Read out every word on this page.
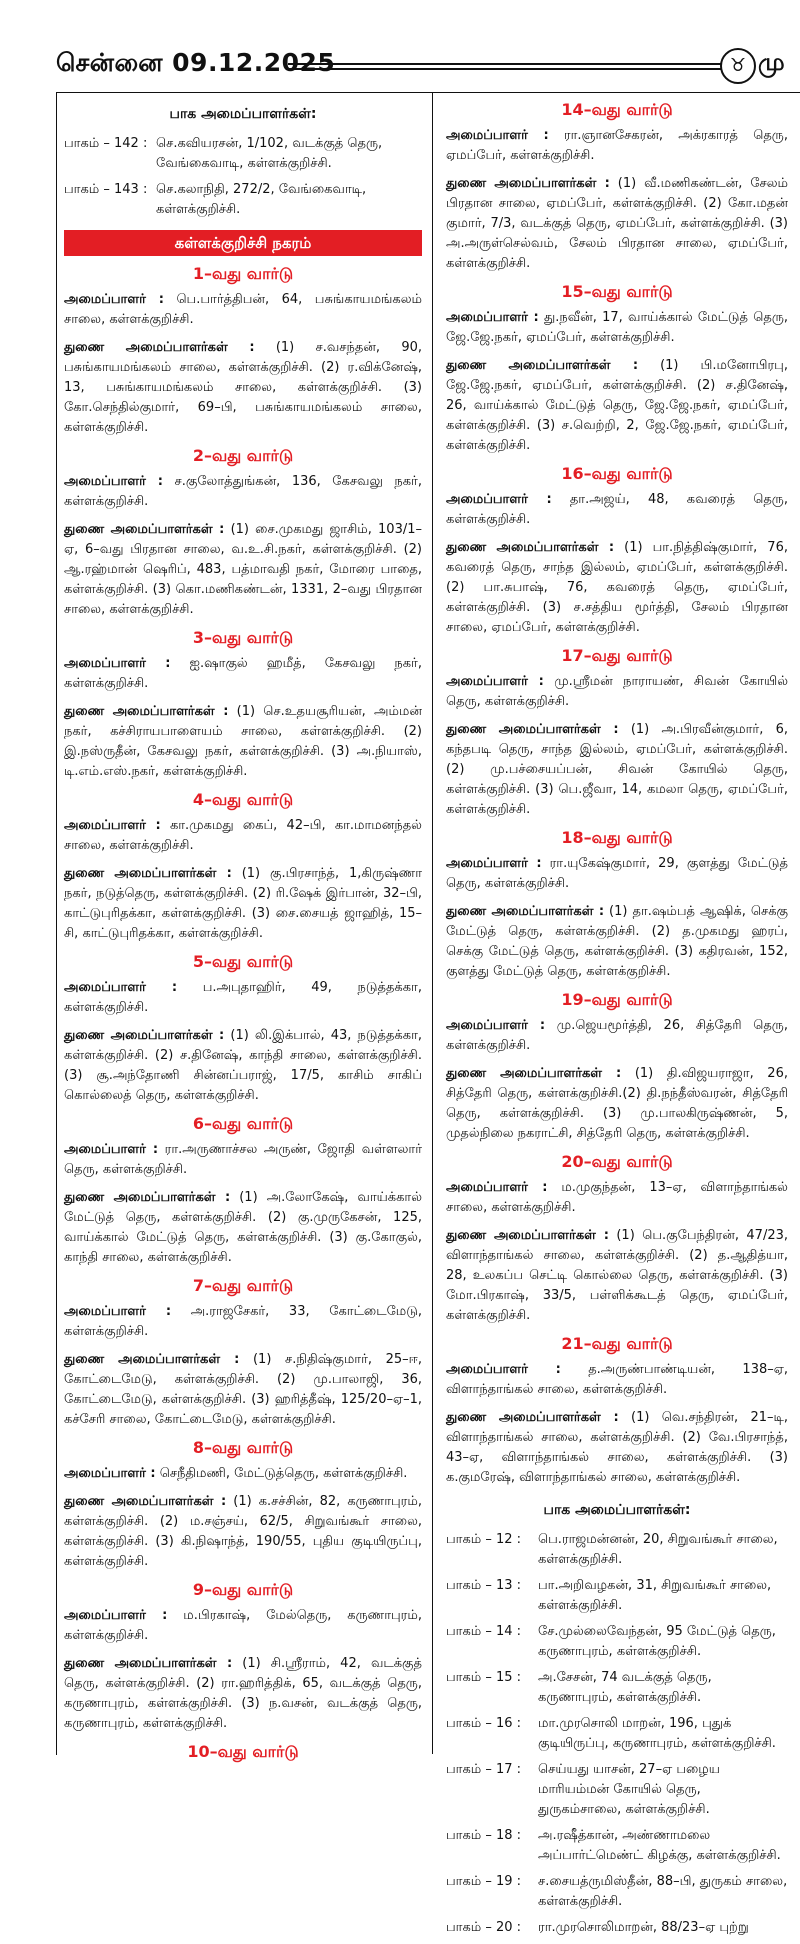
சென்னை 09.12.2025	♉ மு
பாக அமைப்பாளர்கள்:
பாகம் – 142 : செ.கவியரசன், 1/102, வடக்குத் தெரு, வேங்கைவாடி, கள்ளக்குறிச்சி.
பாகம் – 143 : செ.கலாநிதி, 272/2, வேங்கைவாடி, கள்ளக்குறிச்சி.
கள்ளக்குறிச்சி நகரம்
1–வது வார்டு

அமைப்பாளர் : பெ.பார்த்திபன், 64, பசுங்காயமங்கலம் சாலை, கள்ளக்குறிச்சி.

துணை அமைப்பாளர்கள் : (1) ச.வசந்தன், 90, பசுங்காயமங்கலம் சாலை, கள்ளக்குறிச்சி. (2) ர.விக்னேஷ், 13, பசுங்காயமங்கலம் சாலை, கள்ளக்குறிச்சி. (3) கோ.செந்தில்குமார், 69–பி, பசுங்காயமங்கலம் சாலை, கள்ளக்குறிச்சி.

2–வது வார்டு

அமைப்பாளர் : ச.குலோத்துங்கன், 136, கேசவலு நகர், கள்ளக்குறிச்சி.

துணை அமைப்பாளர்கள் : (1) சை.முகமது ஜாசிம், 103/1–ஏ, 6–வது பிரதான சாலை, வ.உ.சி.நகர், கள்ளக்குறிச்சி. (2) ஆ.ரஹ்மான் ஷெரிப், 483, பத்மாவதி நகர், மோரை பாதை, கள்ளக்குறிச்சி. (3) கொ.மணிகண்டன், 1331, 2–வது பிரதான சாலை, கள்ளக்குறிச்சி.

3–வது வார்டு

அமைப்பாளர் : ஐ.ஷாகுல் ஹமீத், கேசவலு நகர், கள்ளக்குறிச்சி.

துணை அமைப்பாளர்கள் : (1) செ.உதயசூரியன், அம்மன் நகர், கச்சிராயபாளையம் சாலை, கள்ளக்குறிச்சி. (2) இ.நஸ்ருதீன், கேசவலு நகர், கள்ளக்குறிச்சி. (3) அ.நியாஸ், டி.எம்.எஸ்.நகர், கள்ளக்குறிச்சி.

4–வது வார்டு

அமைப்பாளர் : கா.முகமது கைப், 42–பி, கா.மாமனந்தல் சாலை, கள்ளக்குறிச்சி.

துணை அமைப்பாளர்கள் : (1) கு.பிரசாந்த், 1,கிருஷ்ணா நகர், நடுத்தெரு, கள்ளக்குறிச்சி. (2) ரி.ஷேக் இர்பான், 32–பி, காட்டுபுரிதக்கா, கள்ளக்குறிச்சி. (3) சை.சையத் ஜாஹித், 15–சி, காட்டுபுரிதக்கா, கள்ளக்குறிச்சி.

5–வது வார்டு

அமைப்பாளர் : ப.அபுதாஹிர், 49, நடுத்தக்கா, கள்ளக்குறிச்சி.

துணை அமைப்பாளர்கள் : (1) லி.இக்பால், 43, நடுத்தக்கா, கள்ளக்குறிச்சி. (2) ச.தினேஷ், காந்தி சாலை, கள்ளக்குறிச்சி. (3) சூ.அந்தோணி சின்னப்பராஜ், 17/5, காசிம் சாகிப் கொல்லைத் தெரு, கள்ளக்குறிச்சி.

6–வது வார்டு

அமைப்பாளர் : ரா.அருணாச்சல அருண், ஜோதி வள்ளலார் தெரு, கள்ளக்குறிச்சி.

துணை அமைப்பாளர்கள் : (1) அ.லோகேஷ், வாய்க்கால் மேட்டுத் தெரு, கள்ளக்குறிச்சி. (2) கு.முருகேசன், 125, வாய்க்கால் மேட்டுத் தெரு, கள்ளக்குறிச்சி. (3) கு.கோகுல், காந்தி சாலை, கள்ளக்குறிச்சி.

7–வது வார்டு

அமைப்பாளர் : அ.ராஜசேகர், 33, கோட்டைமேடு, கள்ளக்குறிச்சி.

துணை அமைப்பாளர்கள் : (1) ச.நிதிஷ்குமார், 25–ஈ, கோட்டைமேடு, கள்ளக்குறிச்சி. (2) மு.பாலாஜி, 36, கோட்டைமேடு, கள்ளக்குறிச்சி. (3) ஹரித்தீஷ், 125/20–ஏ–1, கச்சேரி சாலை, கோட்டைமேடு, கள்ளக்குறிச்சி.

8–வது வார்டு

அமைப்பாளர் : செநீதிமணி, மேட்டுத்தெரு, கள்ளக்குறிச்சி.

துணை அமைப்பாளர்கள் : (1) க.சச்சின், 82, கருணாபுரம், கள்ளக்குறிச்சி. (2) ம.சஞ்சய், 62/5, சிறுவங்கூர் சாலை, கள்ளக்குறிச்சி. (3) கி.நிஷாந்த், 190/55, புதிய குடியிருப்பு, கள்ளக்குறிச்சி.

9–வது வார்டு

அமைப்பாளர் : ம.பிரகாஷ், மேல்தெரு, கருணாபுரம், கள்ளக்குறிச்சி.

துணை அமைப்பாளர்கள் : (1) சி.ஸ்ரீராம், 42, வடக்குத் தெரு, கள்ளக்குறிச்சி. (2) ரா.ஹரித்திக், 65, வடக்குத் தெரு, கருணாபுரம், கள்ளக்குறிச்சி. (3) ந.வசன், வடக்குத் தெரு, கருணாபுரம், கள்ளக்குறிச்சி.

10–வது வார்டு
14–வது வார்டு

அமைப்பாளர் : ரா.ஞானசேகரன், அக்ரகாரத் தெரு, ஏமப்பேர், கள்ளக்குறிச்சி.

துணை அமைப்பாளர்கள் : (1) வீ.மணிகண்டன், சேலம் பிரதான சாலை, ஏமப்பேர், கள்ளக்குறிச்சி. (2) கோ.மதன் குமார், 7/3, வடக்குத் தெரு, ஏமப்பேர், கள்ளக்குறிச்சி. (3) அ.அருள்செல்வம், சேலம் பிரதான சாலை, ஏமப்பேர், கள்ளக்குறிச்சி.

15–வது வார்டு

அமைப்பாளர் : து.நவீன், 17, வாய்க்கால் மேட்டுத் தெரு, ஜே.ஜே.நகர், ஏமப்பேர், கள்ளக்குறிச்சி.

துணை அமைப்பாளர்கள் : (1) பி.மனோபிரபு, ஜே.ஜே.நகர், ஏமப்பேர், கள்ளக்குறிச்சி. (2) ச.தினேஷ், 26, வாய்க்கால் மேட்டுத் தெரு, ஜே.ஜே.நகர், ஏமப்பேர், கள்ளக்குறிச்சி. (3) ச.வெற்றி, 2, ஜே.ஜே.நகர், ஏமப்பேர், கள்ளக்குறிச்சி.

16–வது வார்டு

அமைப்பாளர் : தா.அஜய், 48, கவரைத் தெரு, கள்ளக்குறிச்சி.

துணை அமைப்பாளர்கள் : (1) பா.நித்திஷ்குமார், 76, கவரைத் தெரு, சாந்த இல்லம், ஏமப்பேர், கள்ளக்குறிச்சி. (2) பா.சுபாஷ், 76, கவரைத் தெரு, ஏமப்பேர், கள்ளக்குறிச்சி. (3) ச.சத்திய மூர்த்தி, சேலம் பிரதான சாலை, ஏமப்பேர், கள்ளக்குறிச்சி.

17–வது வார்டு

அமைப்பாளர் : மு.ஸ்ரீமன் நாராயண், சிவன் கோயில் தெரு, கள்ளக்குறிச்சி.

துணை அமைப்பாளர்கள் : (1) அ.பிரவீன்குமார், 6, கந்தபடி தெரு, சாந்த இல்லம், ஏமப்பேர், கள்ளக்குறிச்சி. (2) மு.பச்சையப்பன், சிவன் கோயில் தெரு, கள்ளக்குறிச்சி. (3) பெ.ஜீவா, 14, கமலா தெரு, ஏமப்பேர், கள்ளக்குறிச்சி.

18–வது வார்டு

அமைப்பாளர் : ரா.யுகேஷ்குமார், 29, குளத்து மேட்டுத் தெரு, கள்ளக்குறிச்சி.

துணை அமைப்பாளர்கள் : (1) தா.ஷம்பத் ஆஷிக், செக்கு மேட்டுத் தெரு, கள்ளக்குறிச்சி. (2) த.முகமது ஹரப், செக்கு மேட்டுத் தெரு, கள்ளக்குறிச்சி. (3) கதிரவன், 152, குளத்து மேட்டுத் தெரு, கள்ளக்குறிச்சி.

19–வது வார்டு

அமைப்பாளர் : மு.ஜெயமூர்த்தி, 26, சித்தேரி தெரு, கள்ளக்குறிச்சி.

துணை அமைப்பாளர்கள் : (1) தி.விஜயராஜா, 26, சித்தேரி தெரு, கள்ளக்குறிச்சி.(2) தி.நந்தீஸ்வரன், சித்தேரி தெரு, கள்ளக்குறிச்சி. (3) மு.பாலகிருஷ்ணன், 5, முதல்நிலை நகராட்சி, சித்தேரி தெரு, கள்ளக்குறிச்சி.

20–வது வார்டு

அமைப்பாளர் : ம.முகுந்தன், 13–ஏ, விளாந்தாங்கல் சாலை, கள்ளக்குறிச்சி.

துணை அமைப்பாளர்கள் : (1) பெ.குபேந்திரன், 47/23, விளாந்தாங்கல் சாலை, கள்ளக்குறிச்சி. (2) த.ஆதித்யா, 28, உலகப்ப செட்டி கொல்லை தெரு, கள்ளக்குறிச்சி. (3) மோ.பிரகாஷ், 33/5, பள்ளிக்கூடத் தெரு, ஏமப்பேர், கள்ளக்குறிச்சி.

21–வது வார்டு

அமைப்பாளர் : த.அருண்பாண்டியன், 138–ஏ, விளாந்தாங்கல் சாலை, கள்ளக்குறிச்சி.

துணை அமைப்பாளர்கள் : (1) வெ.சந்திரன், 21–டி, விளாந்தாங்கல் சாலை, கள்ளக்குறிச்சி. (2) வே.பிரசாந்த், 43–ஏ, விளாந்தாங்கல் சாலை, கள்ளக்குறிச்சி. (3) க.குமரேஷ், விளாந்தாங்கல் சாலை, கள்ளக்குறிச்சி.

பாக அமைப்பாளர்கள்:
பாகம் – 12 :	பெ.ராஜமன்னன், 20, சிறுவங்கூர் சாலை, கள்ளக்குறிச்சி.
பாகம் – 13 :	பா.அறிவழகன், 31, சிறுவங்கூர் சாலை, கள்ளக்குறிச்சி.
பாகம் – 14 :	சே.முல்லைவேந்தன், 95 மேட்டுத் தெரு, கருணாபுரம், கள்ளக்குறிச்சி.
பாகம் – 15 :	அ.சேசன், 74 வடக்குத் தெரு, கருணாபுரம், கள்ளக்குறிச்சி.
பாகம் – 16 :	மா.முரசொலி மாறன், 196, புதுக் குடியிருப்பு, கருணாபுரம், கள்ளக்குறிச்சி.
பாகம் – 17 :	செய்யது யாசன், 27–ஏ பழைய மாரியம்மன் கோயில் தெரு, துருகம்சாலை, கள்ளக்குறிச்சி.
பாகம் – 18 :	அ.ரஷீத்கான், அண்ணாமலை அப்பார்ட்மெண்ட் கிழக்கு, கள்ளக்குறிச்சி.
பாகம் – 19 :	ச.சையத்ருமிஸ்தீன், 88–பி, துருகம் சாலை, கள்ளக்குறிச்சி.
பாகம் – 20 :	ரா.முரசொலிமாறன், 88/23–ஏ புற்று
